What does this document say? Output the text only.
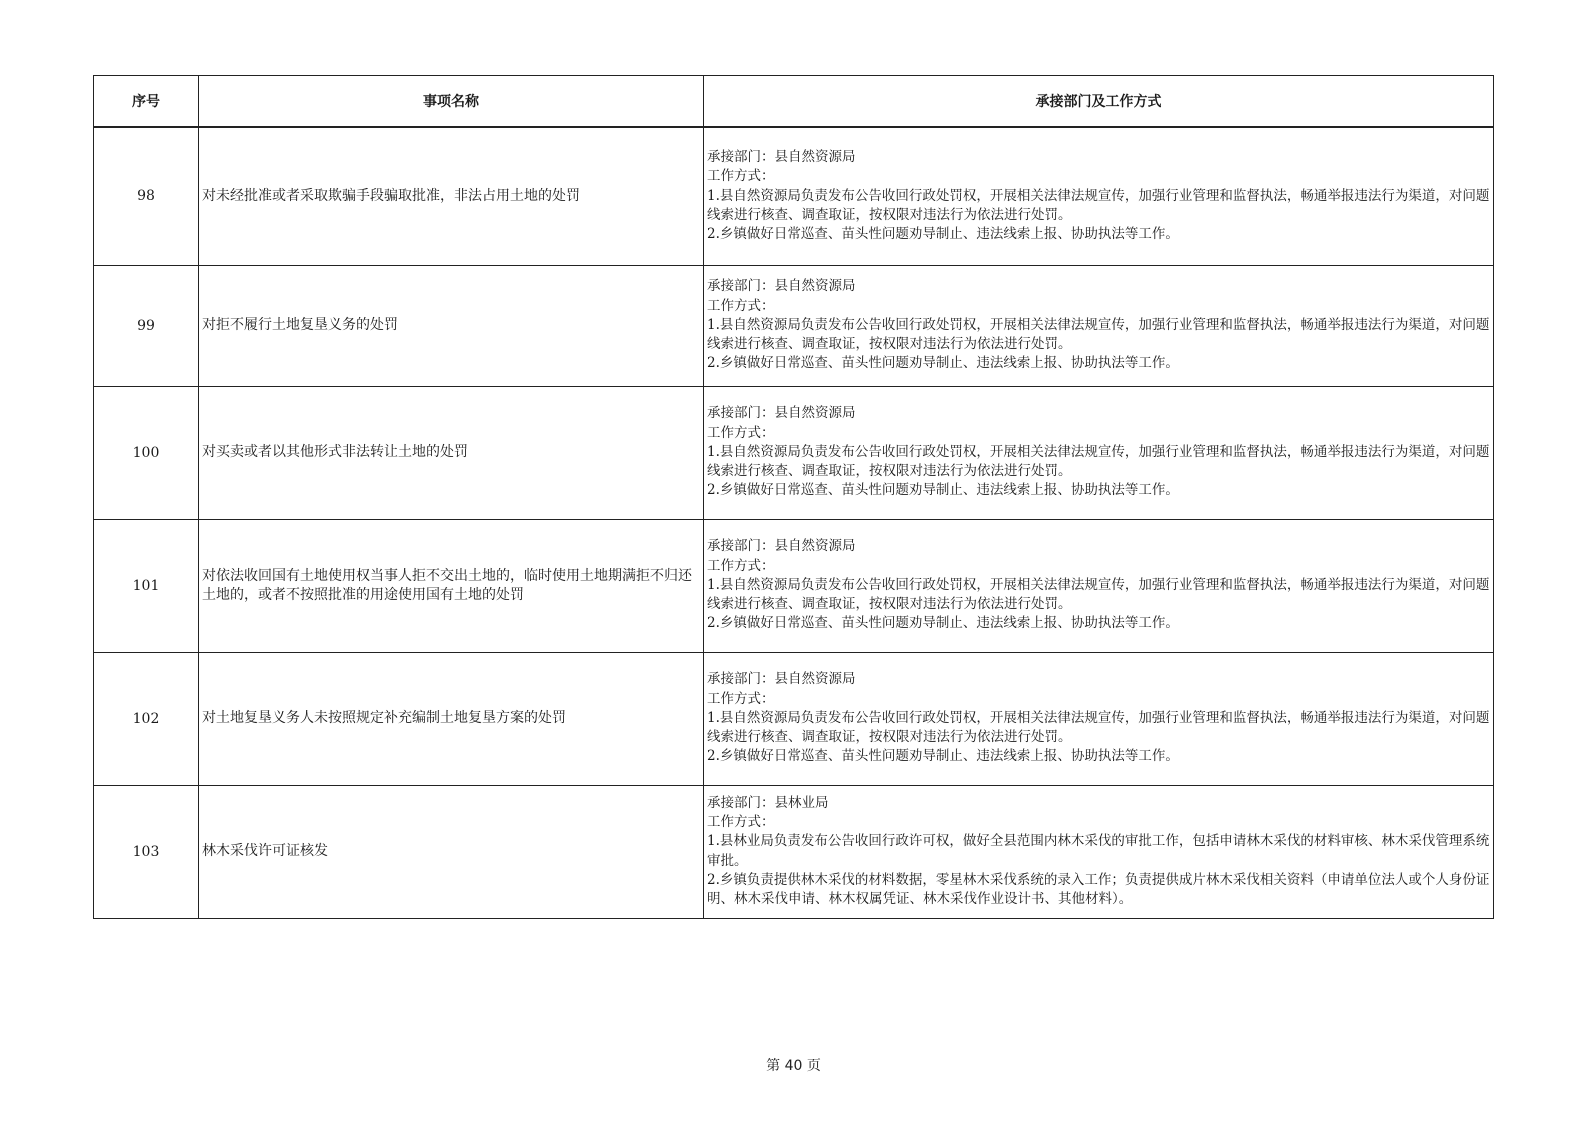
序号	事项名称	承接部门及工作方式
98	对未经批准或者采取欺骗手段骗取批准，非法占用土地的处罚	承接部门：县自然资源局
工作方式：
1.县自然资源局负责发布公告收回行政处罚权，开展相关法律法规宣传，加强行业管理和监督执法，畅通举报违法行为渠道，对问题线索进行核查、调查取证，按权限对违法行为依法进行处罚。
2.乡镇做好日常巡查、苗头性问题劝导制止、违法线索上报、协助执法等工作。

99	对拒不履行土地复垦义务的处罚	承接部门：县自然资源局
工作方式：
1.县自然资源局负责发布公告收回行政处罚权，开展相关法律法规宣传，加强行业管理和监督执法，畅通举报违法行为渠道，对问题线索进行核查、调查取证，按权限对违法行为依法进行处罚。
2.乡镇做好日常巡查、苗头性问题劝导制止、违法线索上报、协助执法等工作。

100	对买卖或者以其他形式非法转让土地的处罚	承接部门：县自然资源局
工作方式：
1.县自然资源局负责发布公告收回行政处罚权，开展相关法律法规宣传，加强行业管理和监督执法，畅通举报违法行为渠道，对问题线索进行核查、调查取证，按权限对违法行为依法进行处罚。
2.乡镇做好日常巡查、苗头性问题劝导制止、违法线索上报、协助执法等工作。

101	对依法收回国有土地使用权当事人拒不交出土地的，临时使用土地期满拒不归还土地的，或者不按照批准的用途使用国有土地的处罚	承接部门：县自然资源局
工作方式：
1.县自然资源局负责发布公告收回行政处罚权，开展相关法律法规宣传，加强行业管理和监督执法，畅通举报违法行为渠道，对问题线索进行核查、调查取证，按权限对违法行为依法进行处罚。
2.乡镇做好日常巡查、苗头性问题劝导制止、违法线索上报、协助执法等工作。

102	对土地复垦义务人未按照规定补充编制土地复垦方案的处罚	承接部门：县自然资源局
工作方式：
1.县自然资源局负责发布公告收回行政处罚权，开展相关法律法规宣传，加强行业管理和监督执法，畅通举报违法行为渠道，对问题线索进行核查、调查取证，按权限对违法行为依法进行处罚。
2.乡镇做好日常巡查、苗头性问题劝导制止、违法线索上报、协助执法等工作。

103	林木采伐许可证核发	承接部门：县林业局
工作方式：
1.县林业局负责发布公告收回行政许可权，做好全县范围内林木采伐的审批工作，包括申请林木采伐的材料审核、林木采伐管理系统审批。
2.乡镇负责提供林木采伐的材料数据，零星林木采伐系统的录入工作；负责提供成片林木采伐相关资料（申请单位法人或个人身份证明、林木采伐申请、林木权属凭证、林木采伐作业设计书、其他材料）。
第 40 页
